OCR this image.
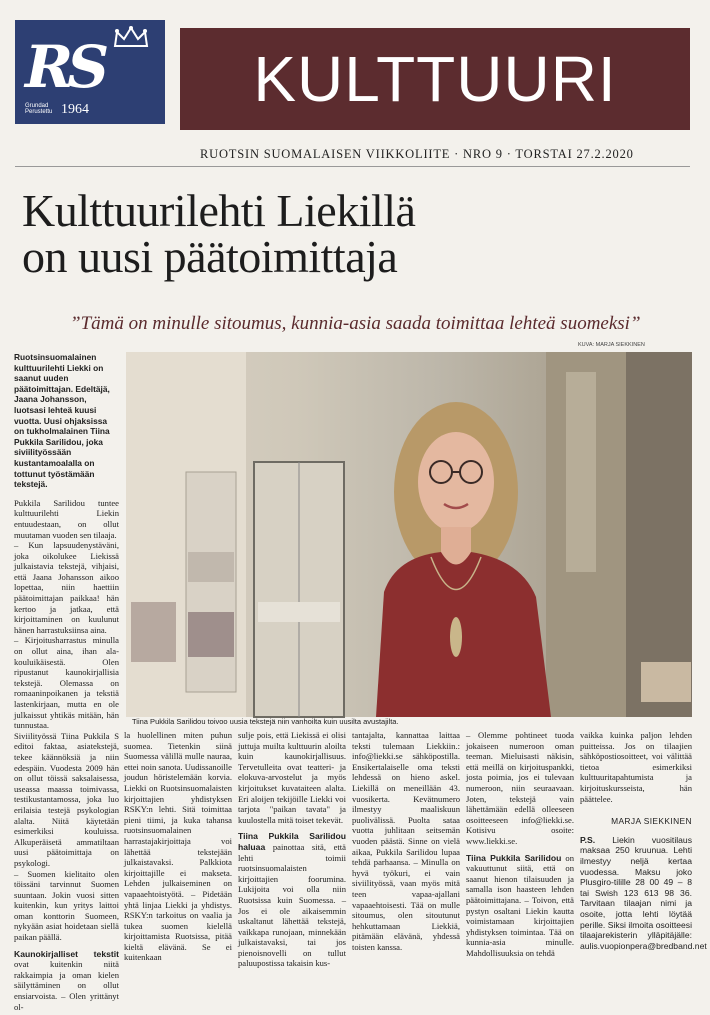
RS
Grundad
Perustettu 1964	KULTTUURI
RUOTSIN SUOMALAISEN VIIKKOLIITE · NRO 9 · TORSTAI 27.2.2020
Kulttuurilehti Liekillä
on uusi päätoimittaja
”Tämä on minulle sitoumus, kunnia-asia saada toimittaa lehteä suomeksi”
KUVA: MARJA SIEKKINEN
Tiina Pukkila Sarilidou toivoo uusia tekstejä niin vanhoilta kuin uusilta avustajilta.

Ruotsinsuomalainen kulttuurilehti Liekki on saanut uuden päätoimittajan. Edeltäjä, Jaana Johansson, luotsasi lehteä kuusi vuotta. Uusi ohjaksissa on tukholmalainen Tiina Pukkila Sarilidou, joka siviilityössään kustantamoalalla on tottunut työstämään tekstejä.

Pukkila Sarilidou tuntee kulttuurilehti Liekin entuudestaan, on ollut muutaman vuoden sen tilaaja.

– Kun lapsuudenystäväni, joka oikolukee Liekissä julkaistavia tekstejä, vihjaisi, että Jaana Johansson aikoo lopettaa, niin haettiin päätoimittajan paikkaa! hän kertoo ja jatkaa, että kirjoittaminen on kuulunut hänen harrastuksiinsa aina.

– Kirjoitusharrastus minulla on ollut aina, ihan ala-kouluikäisestä. Olen ripustanut kaunokirjallisia tekstejä. Olemassa on romaaninpoikanen ja tekstiä lastenkirjaan, mutta en ole julkaissut yhtikäs mitään, hän tunnustaa.

Siviilityössä Tiina Pukkila S editoi faktaa, asiatekstejä, tekee käännöksiä ja niin edespäin. Vuodesta 2009 hän on ollut töissä saksalaisessa, useassa maassa toimivassa, testikustantamossa, joka luo erilaisia testejä psykologian alalta. Niitä käytetään esimerkiksi kouluissa. Alkuperäisetä ammatiltaan uusi päätoimittaja on psykologi.

– Suomen kielitaito olen töissäni tarvinnut Suomen suuntaan. Jokin vuosi sitten kuitenkin, kun yritys laittoi oman konttorin Suomeen, nykyään asiat hoidetaan siellä paikan päällä.

Kaunokirjalliset tekstit ovat kuitenkin niitä rakkaimpia ja oman kielen säilyttäminen on ollut ensiarvoista. – Olen yrittänyt ol-

la huolellinen miten puhun suomea. Tietenkin siinä Suomessa välillä mulle nauraa, ettei noin sanota. Uudissanoille joudun höristelemään korvia. Liekki on Ruotsinsuomalaisten kirjoittajien yhdistyksen RSKY:n lehti. Sitä toimittaa pieni tiimi, ja kuka tahansa ruotsinsuomalainen harrastajakirjoittaja voi lähettää tekstejään julkaistavaksi. Palkkiota kirjoittajille ei makseta. Lehden julkaiseminen on vapaaehtoistyötä. – Pidetään yhtä linjaa Liekki ja yhdistys. RSKY:n tarkoitus on vaalia ja tukea suomen kielellä kirjoittamista Ruotsissa, pitää kieltä elävänä. Se ei kuitenkaan

sulje pois, että Liekissä ei olisi juttuja muilta kulttuurin aloilta kuin kaunokirjallisuus. Tervetulleita ovat teatteri- ja elokuva-arvostelut ja myös kirjoitukset kuvataiteen alalta. Eri aloijen tekijöille Liekki voi tarjota "paikan tavata" ja kuulostella mitä toiset tekevät.

Tiina Pukkila Sarilidou haluaa painottaa sitä, että lehti toimii ruotsinsuomalaisten kirjoittajien foorumina. Lukijoita voi olla niin Ruotsissa kuin Suomessa. – Jos ei ole aikaisemmin uskaltanut lähettää tekstejä, vaikkapa runojaan, minnekään julkaistavaksi, tai jos pienoisnovelli on tullut paluupostissa takaisin kus-

tantajalta, kannattaa laittaa teksti tulemaan Liekkiin.: info@liekki.se sähköpostilla. Ensikertalaiselle oma teksti lehdessä on hieno askel. Liekillä on meneillään 43. vuosikerta. Kevätnumero ilmestyy maaliskuun puolivälissä. Puolta sataa vuotta juhlitaan seitsemän vuoden päästä. Sinne on vielä aikaa, Pukkila Sarilidou lupaa tehdä parhaansa. – Minulla on hyvä työkuri, ei vain siviilityössä, vaan myös mitä teen vapaa-ajallani vapaaehtoisesti. Tää on mulle sitoumus, olen sitoutunut hehkuttamaan Liekkiä, pitämään elävänä, yhdessä toisten kanssa.

– Olemme pohtineet tuoda jokaiseen numeroon oman teeman. Mieluisasti näkisin, että meillä on kirjoituspankki, josta poimia, jos ei tulevaan numeroon, niin seuraavaan. Joten, tekstejä vain lähettämään edellä olleeseen osoitteeseen info@liekki.se. Kotisivu osoite: www.liekki.se.

Tiina Pukkila Sarilidou on vakuuttunut siitä, että on saanut hienon tilaisuuden ja samalla ison haasteen lehden päätoimittajana. – Toivon, että pystyn osaltani Liekin kautta voimistamaan kirjoittajien yhdistyksen toimintaa. Tää on kunnia-asia minulle. Mahdollisuuksia on tehdä

vaikka kuinka paljon lehden puitteissa. Jos on tilaajien sähköpostiosoitteet, voi välittää tietoa esimerkiksi kulttuuritapahtumista ja kirjoituskursseista, hän päättelee.

MARJA SIEKKINEN

P.S. Liekin vuositilaus maksaa 250 kruunua. Lehti ilmestyy neljä kertaa vuodessa. Maksu joko Plusgiro-tilille 28 00 49 – 8 tai Swish 123 613 98 36. Tarvitaan tilaajan nimi ja osoite, jotta lehti löytää perille. Siksi ilmoita osoitteesi tilaajarekisterin ylläpitäjälle: aulis.vuopionpera@bredband.net
